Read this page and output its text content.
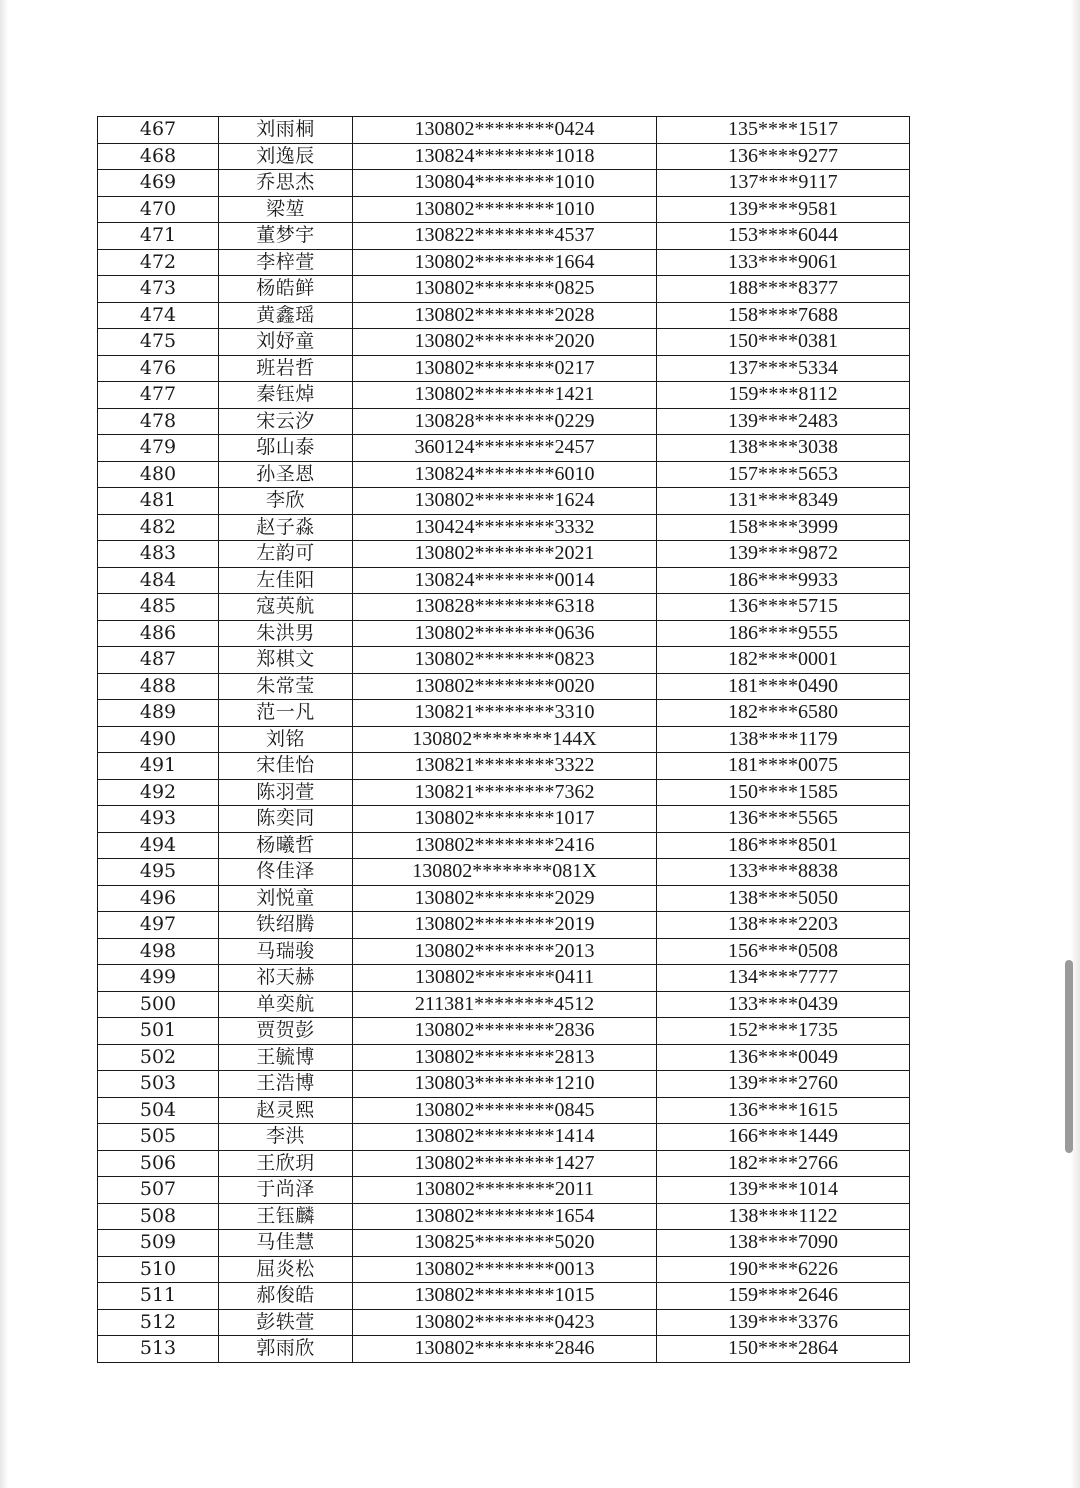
467	刘雨桐	130802********0424	135****1517
468	刘逸辰	130824********1018	136****9277
469	乔思杰	130804********1010	137****9117
470	梁堃	130802********1010	139****9581
471	董梦宇	130822********4537	153****6044
472	李梓萱	130802********1664	133****9061
473	杨皓鲜	130802********0825	188****8377
474	黄鑫瑶	130802********2028	158****7688
475	刘妤童	130802********2020	150****0381
476	班岩哲	130802********0217	137****5334
477	秦钰焯	130802********1421	159****8112
478	宋云汐	130828********0229	139****2483
479	邬山泰	360124********2457	138****3038
480	孙圣恩	130824********6010	157****5653
481	李欣	130802********1624	131****8349
482	赵子淼	130424********3332	158****3999
483	左韵可	130802********2021	139****9872
484	左佳阳	130824********0014	186****9933
485	寇英航	130828********6318	136****5715
486	朱洪男	130802********0636	186****9555
487	郑棋文	130802********0823	182****0001
488	朱常莹	130802********0020	181****0490
489	范一凡	130821********3310	182****6580
490	刘铭	130802********144X	138****1179
491	宋佳怡	130821********3322	181****0075
492	陈羽萱	130821********7362	150****1585
493	陈奕同	130802********1017	136****5565
494	杨曦哲	130802********2416	186****8501
495	佟佳泽	130802********081X	133****8838
496	刘悦童	130802********2029	138****5050
497	铁绍腾	130802********2019	138****2203
498	马瑞骏	130802********2013	156****0508
499	祁天赫	130802********0411	134****7777
500	单奕航	211381********4512	133****0439
501	贾贺彭	130802********2836	152****1735
502	王毓博	130802********2813	136****0049
503	王浩博	130803********1210	139****2760
504	赵灵熙	130802********0845	136****1615
505	李洪	130802********1414	166****1449
506	王欣玥	130802********1427	182****2766
507	于尚泽	130802********2011	139****1014
508	王钰麟	130802********1654	138****1122
509	马佳慧	130825********5020	138****7090
510	屈炎松	130802********0013	190****6226
511	郝俊皓	130802********1015	159****2646
512	彭轶萱	130802********0423	139****3376
513	郭雨欣	130802********2846	150****2864
